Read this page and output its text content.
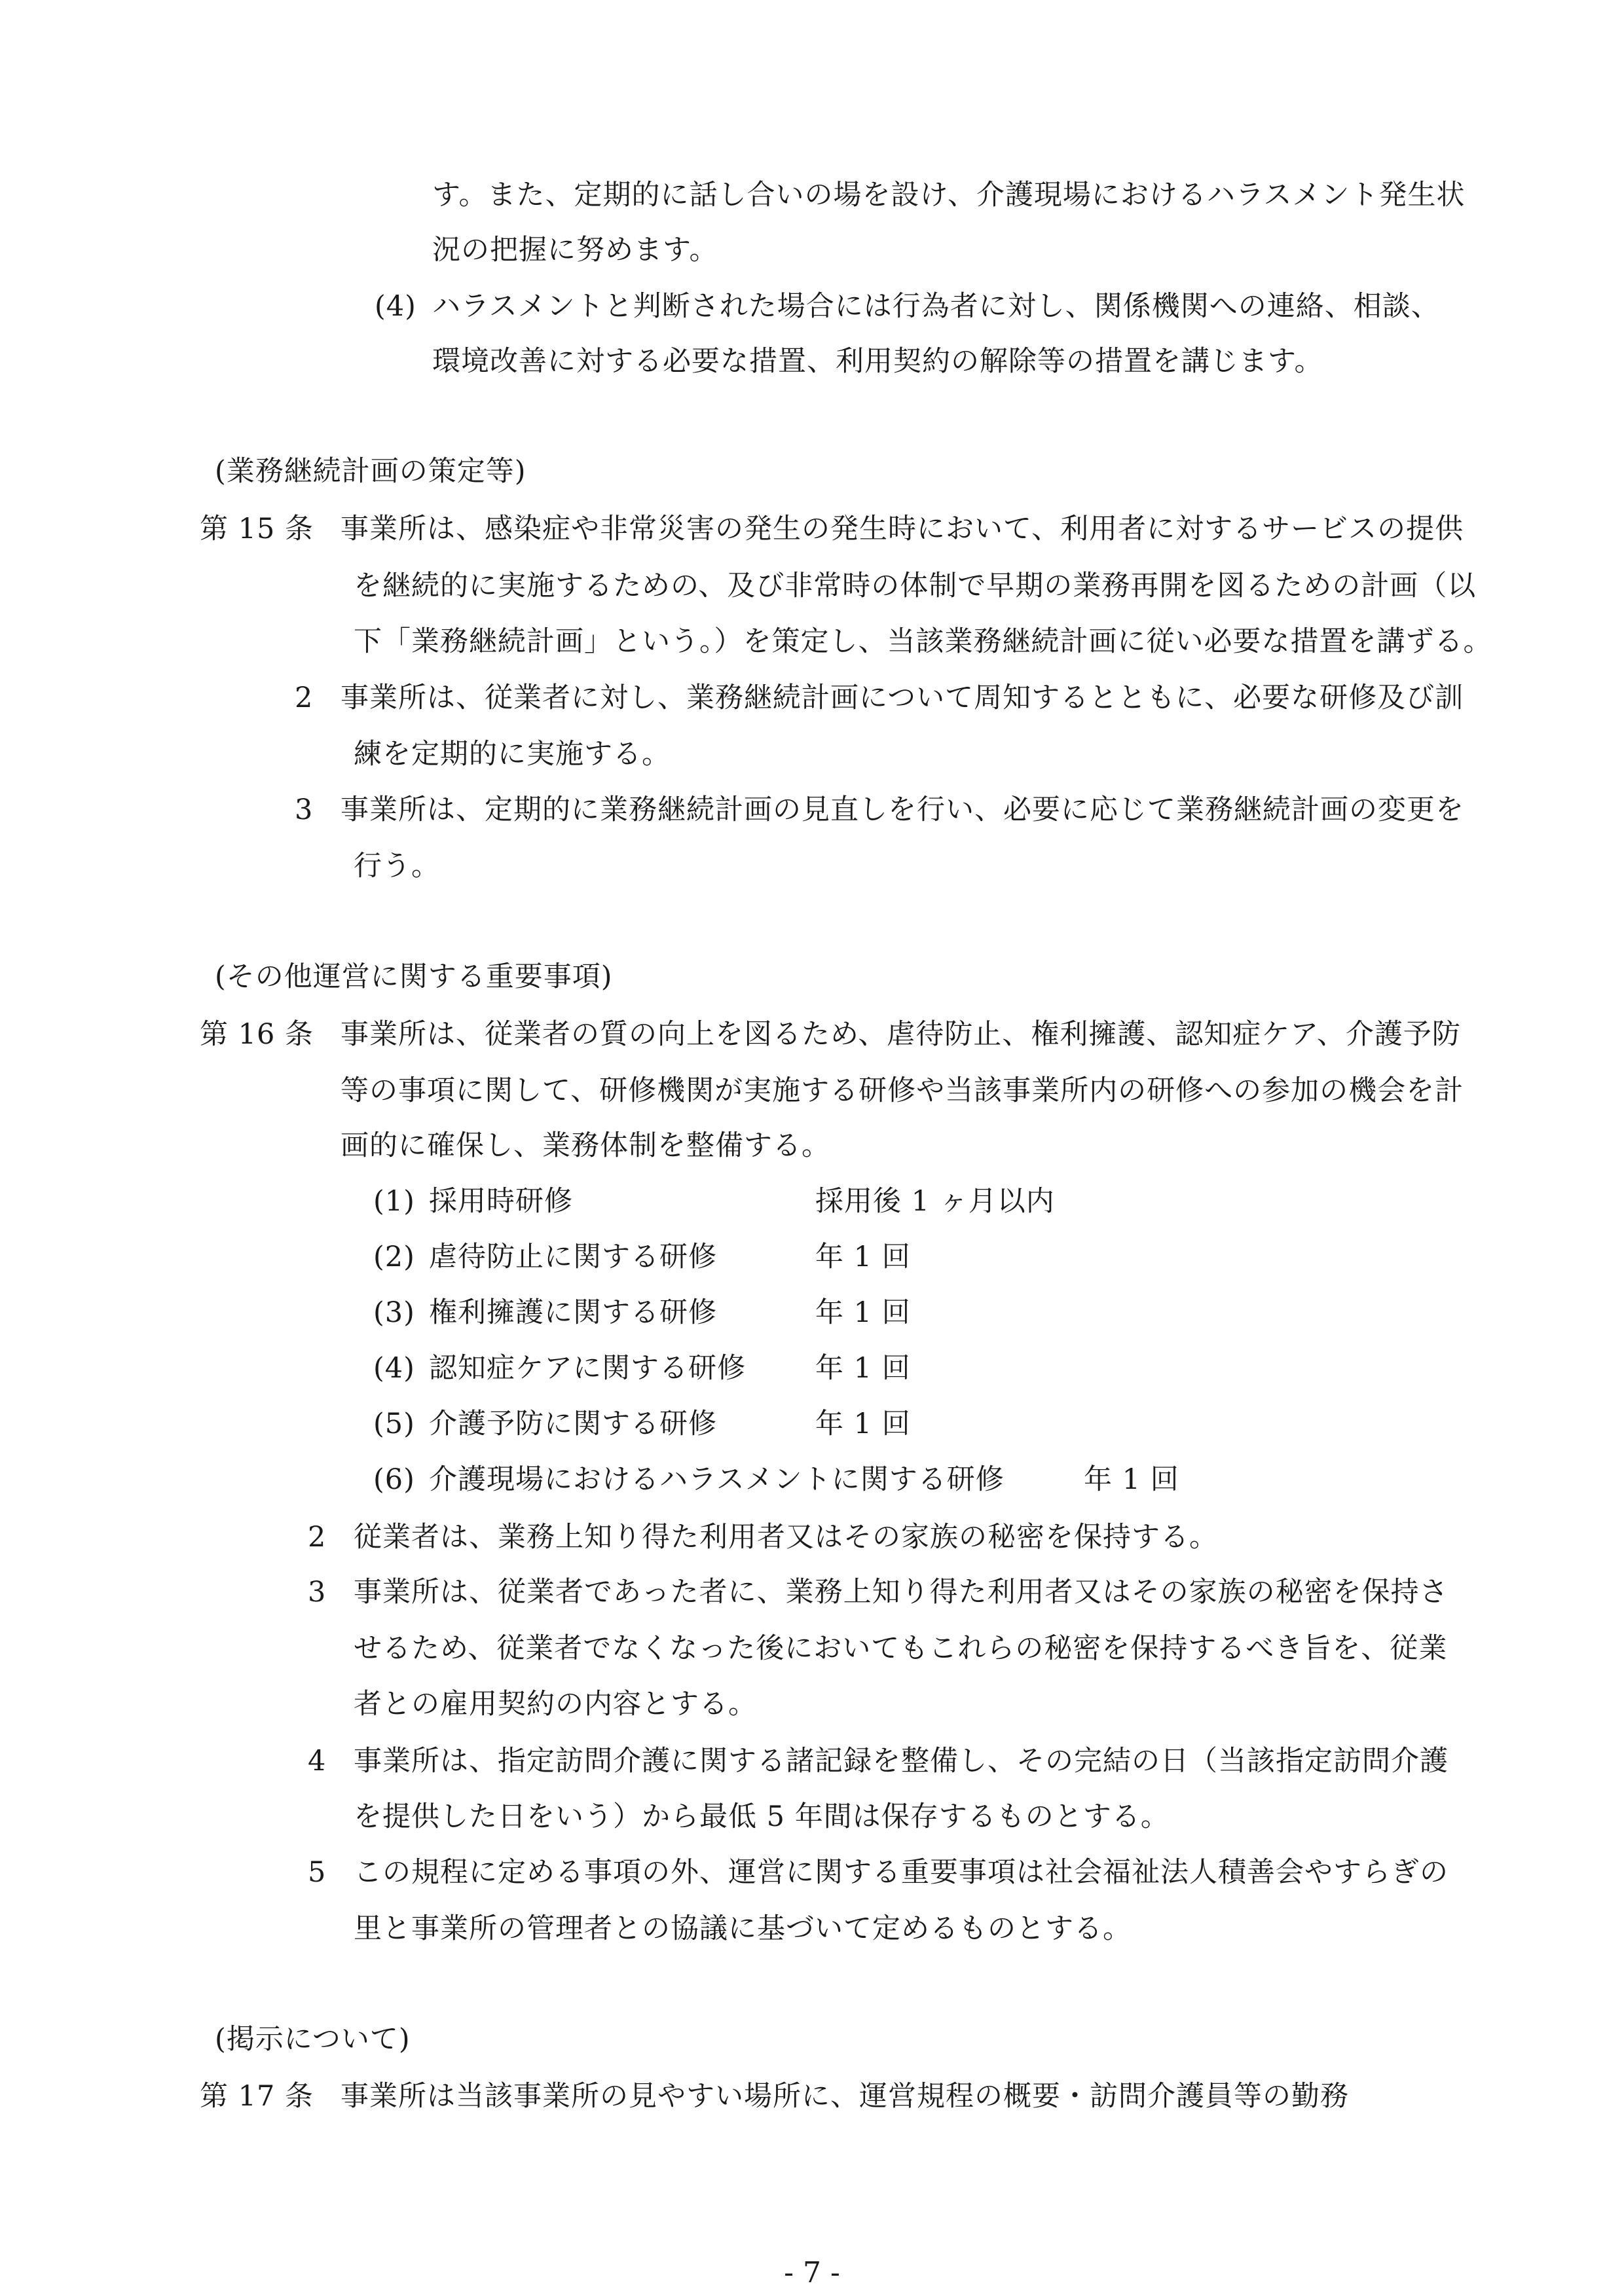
す。また、定期的に話し合いの場を設け、介護現場におけるハラスメント発生状
況の把握に努めます。
(4) ハラスメントと判断された場合には行為者に対し、関係機関への連絡、相談、
環境改善に対する必要な措置、利用契約の解除等の措置を講じます。
(業務継続計画の策定等)
第 15 条 事業所は、感染症や非常災害の発生の発生時において、利用者に対するサービスの提供
を継続的に実施するための、及び非常時の体制で早期の業務再開を図るための計画（以
下「業務継続計画」という。）を策定し、当該業務継続計画に従い必要な措置を講ずる。
2 事業所は、従業者に対し、業務継続計画について周知するとともに、必要な研修及び訓
練を定期的に実施する。
3 事業所は、定期的に業務継続計画の見直しを行い、必要に応じて業務継続計画の変更を
行う。
(その他運営に関する重要事項)
第 16 条 事業所は、従業者の質の向上を図るため、虐待防止、権利擁護、認知症ケア、介護予防
等の事項に関して、研修機関が実施する研修や当該事業所内の研修への参加の機会を計
画的に確保し、業務体制を整備する。
(1) 採用時研修	採用後 1 ヶ月以内
(2) 虐待防止に関する研修	年 1 回
(3) 権利擁護に関する研修	年 1 回
(4) 認知症ケアに関する研修 年 1 回
(5) 介護予防に関する研修	年 1 回
(6) 介護現場におけるハラスメントに関する研修	年 1 回
2 従業者は、業務上知り得た利用者又はその家族の秘密を保持する。
3 事業所は、従業者であった者に、業務上知り得た利用者又はその家族の秘密を保持さ
せるため、従業者でなくなった後においてもこれらの秘密を保持するべき旨を、従業
者との雇用契約の内容とする。
4 事業所は、指定訪問介護に関する諸記録を整備し、その完結の日（当該指定訪問介護
を提供した日をいう）から最低 5 年間は保存するものとする。
5 この規程に定める事項の外、運営に関する重要事項は社会福祉法人積善会やすらぎの
里と事業所の管理者との協議に基づいて定めるものとする。
(掲示について)
第 17 条 事業所は当該事業所の見やすい場所に、運営規程の概要・訪問介護員等の勤務
- 7 -
